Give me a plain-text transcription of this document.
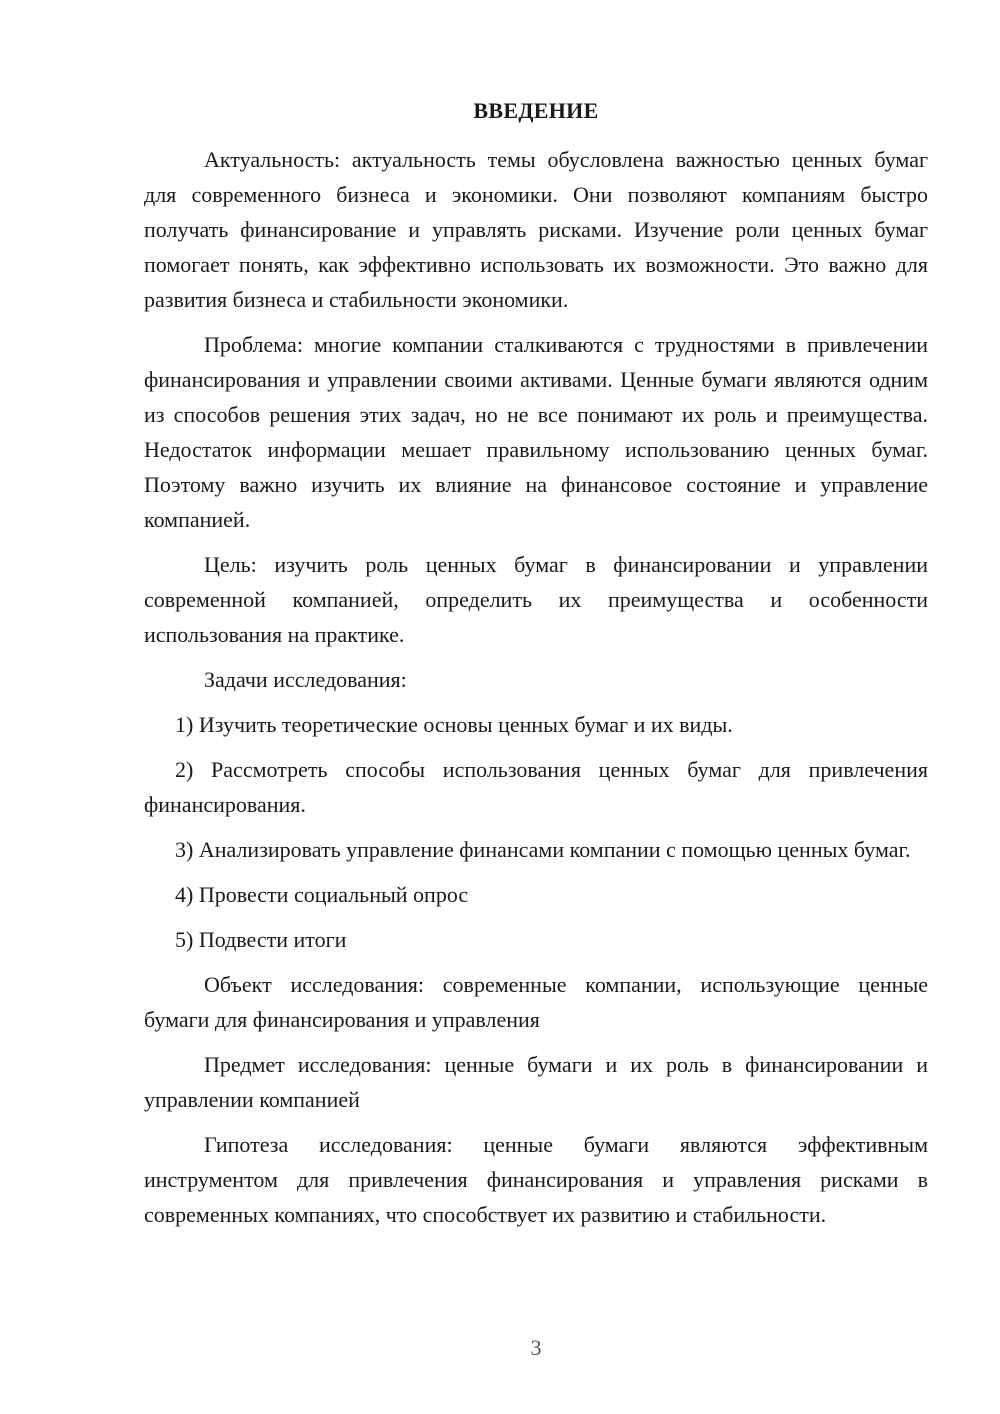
ВВЕДЕНИЕ

Актуальность: актуальность темы обусловлена важностью ценных бумаг для современного бизнеса и экономики. Они позволяют компаниям быстро получать финансирование и управлять рисками. Изучение роли ценных бумаг помогает понять, как эффективно использовать их возможности. Это важно для развития бизнеса и стабильности экономики.

Проблема: многие компании сталкиваются с трудностями в привлечении финансирования и управлении своими активами. Ценные бумаги являются одним из способов решения этих задач, но не все понимают их роль и преимущества. Недостаток информации мешает правильному использованию ценных бумаг. Поэтому важно изучить их влияние на финансовое состояние и управление компанией.

Цель: изучить роль ценных бумаг в финансировании и управлении современной компанией, определить их преимущества и особенности использования на практике.

Задачи исследования:

1) Изучить теоретические основы ценных бумаг и их виды.

2) Рассмотреть способы использования ценных бумаг для привлечения финансирования.

3) Анализировать управление финансами компании с помощью ценных бумаг.

4) Провести социальный опрос

5) Подвести итоги

Объект исследования: современные компании, использующие ценные бумаги для финансирования и управления

Предмет исследования: ценные бумаги и их роль в финансировании и управлении компанией

Гипотеза исследования: ценные бумаги являются эффективным инструментом для привлечения финансирования и управления рисками в современных компаниях, что способствует их развитию и стабильности.

3
